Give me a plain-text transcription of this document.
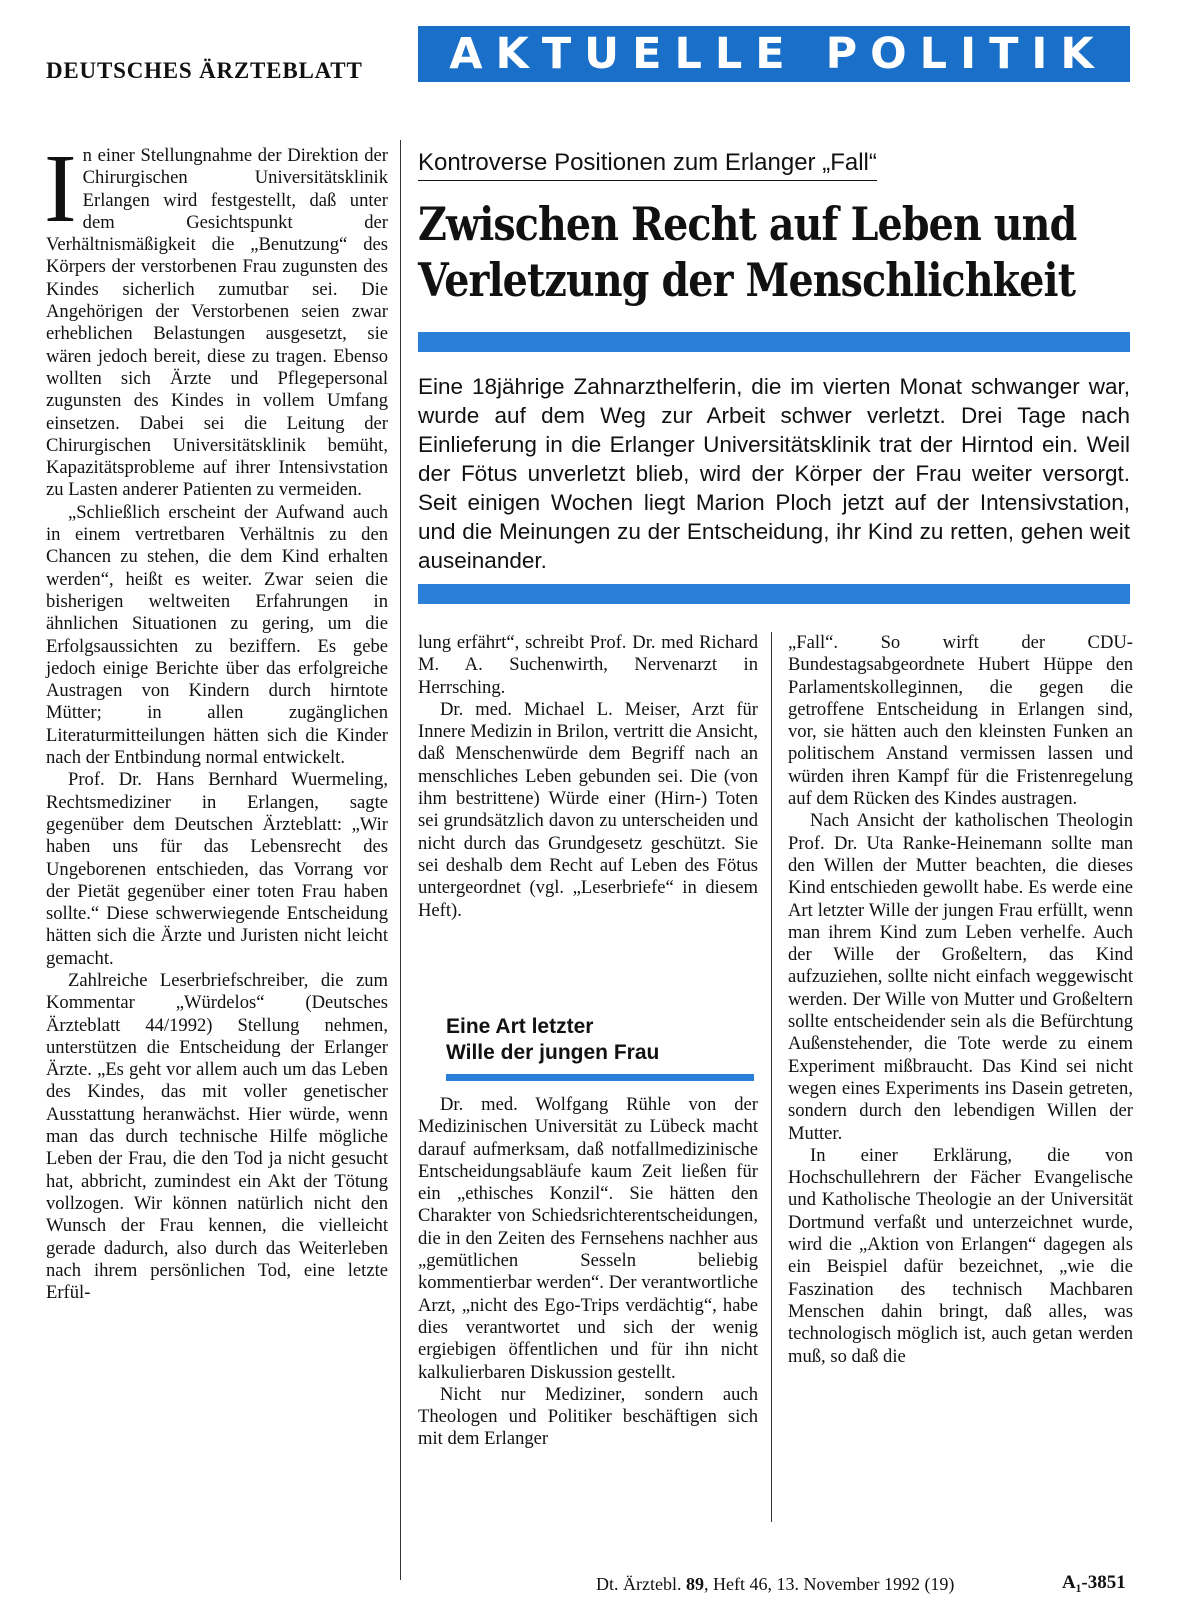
DEUTSCHES ÄRZTEBLATT	AKTUELLE POLITIK

In einer Stellungnahme der Direktion der Chirurgischen Universitätsklinik Erlangen wird festgestellt, daß unter dem Gesichtspunkt der Verhältnismäßigkeit die „Benutzung“ des Körpers der verstorbenen Frau zugunsten des Kindes sicherlich zumutbar sei. Die Angehörigen der Verstorbenen seien zwar erheblichen Belastungen ausgesetzt, sie wären jedoch bereit, diese zu tragen. Ebenso wollten sich Ärzte und Pflegepersonal zugunsten des Kindes in vollem Umfang einsetzen. Dabei sei die Leitung der Chirurgischen Universitätsklinik bemüht, Kapazitätsprobleme auf ihrer Intensivstation zu Lasten anderer Patienten zu vermeiden.

„Schließlich erscheint der Aufwand auch in einem vertretbaren Verhältnis zu den Chancen zu stehen, die dem Kind erhalten werden“, heißt es weiter. Zwar seien die bisherigen weltweiten Erfahrungen in ähnlichen Situationen zu gering, um die Erfolgsaussichten zu beziffern. Es gebe jedoch einige Berichte über das erfolgreiche Austragen von Kindern durch hirntote Mütter; in allen zugänglichen Literaturmitteilungen hätten sich die Kinder nach der Entbindung normal entwickelt.

Prof. Dr. Hans Bernhard Wuermeling, Rechtsmediziner in Erlangen, sagte gegenüber dem Deutschen Ärzteblatt: „Wir haben uns für das Lebensrecht des Ungeborenen entschieden, das Vorrang vor der Pietät gegenüber einer toten Frau haben sollte.“ Diese schwerwiegende Entscheidung hätten sich die Ärzte und Juristen nicht leicht gemacht.

Zahlreiche Leserbriefschreiber, die zum Kommentar „Würdelos“ (Deutsches Ärzteblatt 44/1992) Stellung nehmen, unterstützen die Entscheidung der Erlanger Ärzte. „Es geht vor allem auch um das Leben des Kindes, das mit voller genetischer Ausstattung heranwächst. Hier würde, wenn man das durch technische Hilfe mögliche Leben der Frau, die den Tod ja nicht gesucht hat, abbricht, zumindest ein Akt der Tötung vollzogen. Wir können natürlich nicht den Wunsch der Frau kennen, die vielleicht gerade dadurch, also durch das Weiterleben nach ihrem persönlichen Tod, eine letzte Erfül-

Kontroverse Positionen zum Erlanger „Fall“
Zwischen Recht auf Leben und
Verletzung der Menschlichkeit
Eine 18jährige Zahnarzthelferin, die im vierten Monat schwanger war, wurde auf dem Weg zur Arbeit schwer verletzt. Drei Tage nach Einlieferung in die Erlanger Universitätsklinik trat der Hirntod ein. Weil der Fötus unverletzt blieb, wird der Körper der Frau weiter versorgt. Seit einigen Wochen liegt Marion Ploch jetzt auf der Intensivstation, und die Meinungen zu der Entscheidung, ihr Kind zu retten, gehen weit auseinander.

lung erfährt“, schreibt Prof. Dr. med Richard M. A. Suchenwirth, Nervenarzt in Herrsching.

Dr. med. Michael L. Meiser, Arzt für Innere Medizin in Brilon, vertritt die Ansicht, daß Menschenwürde dem Begriff nach an menschliches Leben gebunden sei. Die (von ihm bestrittene) Würde einer (Hirn-) Toten sei grundsätzlich davon zu unterscheiden und nicht durch das Grundgesetz geschützt. Sie sei deshalb dem Recht auf Leben des Fötus untergeordnet (vgl. „Leserbriefe“ in diesem Heft).

Eine Art letzter
Wille der jungen Frau

Dr. med. Wolfgang Rühle von der Medizinischen Universität zu Lübeck macht darauf aufmerksam, daß notfallmedizinische Entscheidungsabläufe kaum Zeit ließen für ein „ethisches Konzil“. Sie hätten den Charakter von Schiedsrichterentscheidungen, die in den Zeiten des Fernsehens nachher aus „gemütlichen Sesseln beliebig kommentierbar werden“. Der verantwortliche Arzt, „nicht des Ego-Trips verdächtig“, habe dies verantwortet und sich der wenig ergiebigen öffentlichen und für ihn nicht kalkulierbaren Diskussion gestellt.

Nicht nur Mediziner, sondern auch Theologen und Politiker beschäftigen sich mit dem Erlanger

„Fall“. So wirft der CDU-Bundestagsabgeordnete Hubert Hüppe den Parlamentskolleginnen, die gegen die getroffene Entscheidung in Erlangen sind, vor, sie hätten auch den kleinsten Funken an politischem Anstand vermissen lassen und würden ihren Kampf für die Fristenregelung auf dem Rücken des Kindes austragen.

Nach Ansicht der katholischen Theologin Prof. Dr. Uta Ranke-Heinemann sollte man den Willen der Mutter beachten, die dieses Kind entschieden gewollt habe. Es werde eine Art letzter Wille der jungen Frau erfüllt, wenn man ihrem Kind zum Leben verhelfe. Auch der Wille der Großeltern, das Kind aufzuziehen, sollte nicht einfach weggewischt werden. Der Wille von Mutter und Großeltern sollte entscheidender sein als die Befürchtung Außenstehender, die Tote werde zu einem Experiment mißbraucht. Das Kind sei nicht wegen eines Experiments ins Dasein getreten, sondern durch den lebendigen Willen der Mutter.

In einer Erklärung, die von Hochschullehrern der Fächer Evangelische und Katholische Theologie an der Universität Dortmund verfaßt und unterzeichnet wurde, wird die „Aktion von Erlangen“ dagegen als ein Beispiel dafür bezeichnet, „wie die Faszination des technisch Machbaren Menschen dahin bringt, daß alles, was technologisch möglich ist, auch getan werden muß, so daß die

Dt. Ärztebl. 89, Heft 46, 13. November 1992 (19)	A₁-3851
